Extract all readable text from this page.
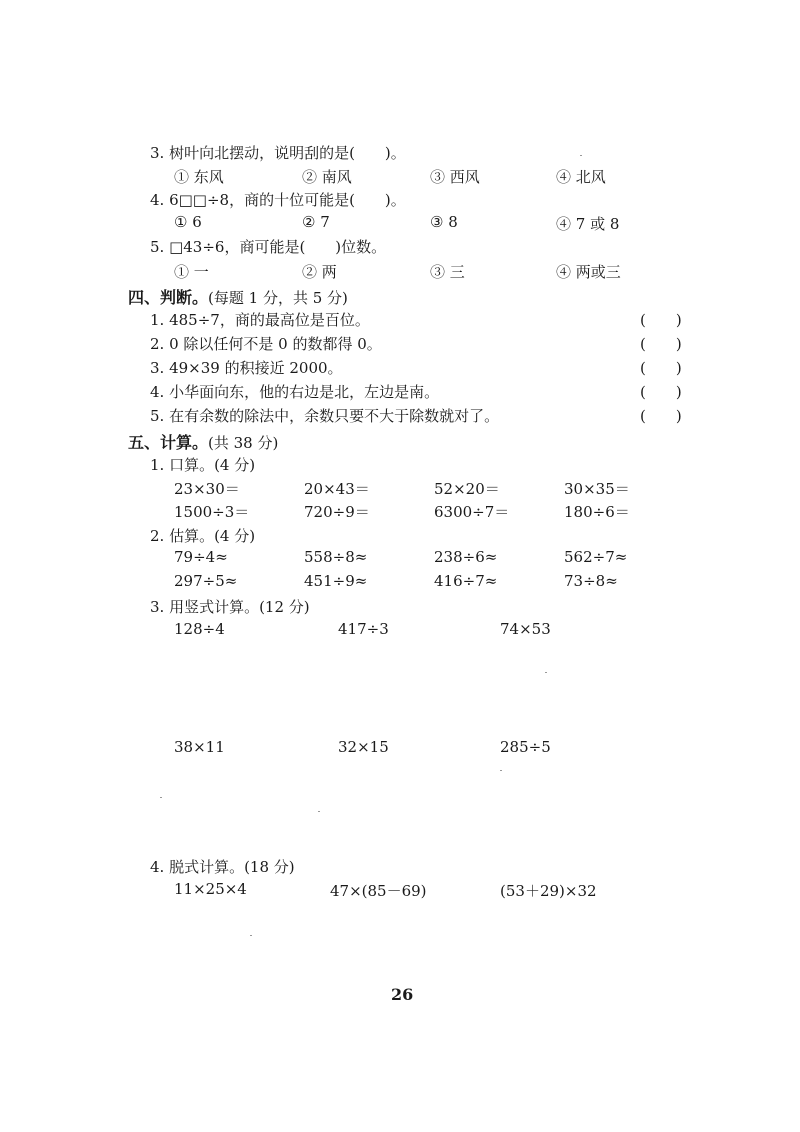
3. 树叶向北摆动，说明刮的是(　　)。
① 东风	② 南风	③ 西风	④ 北风
4. 6□□÷8，商的十位可能是(　　)。
① 6	② 7	③ 8	④ 7 或 8
5. □43÷6，商可能是(　　)位数。
① 一	② 两	③ 三	④ 两或三
四、判断。(每题 1 分，共 5 分)
1. 485÷7，商的最高位是百位。	(　　)
2. 0 除以任何不是 0 的数都得 0。	(　　)
3. 49×39 的积接近 2000。	(　　)
4. 小华面向东，他的右边是北，左边是南。	(　　)
5. 在有余数的除法中，余数只要不大于除数就对了。	(　　)
五、计算。(共 38 分)
1. 口算。(4 分)
23×30＝	20×43＝	52×20＝	30×35＝
1500÷3＝	720÷9＝	6300÷7＝	180÷6＝
2. 估算。(4 分)
79÷4≈	558÷8≈	238÷6≈	562÷7≈
297÷5≈	451÷9≈	416÷7≈	73÷8≈
3. 用竖式计算。(12 分)
128÷4	417÷3	74×53
38×11	32×15	285÷5
4. 脱式计算。(18 分)
11×25×4	47×(85－69)	(53＋29)×32
26
